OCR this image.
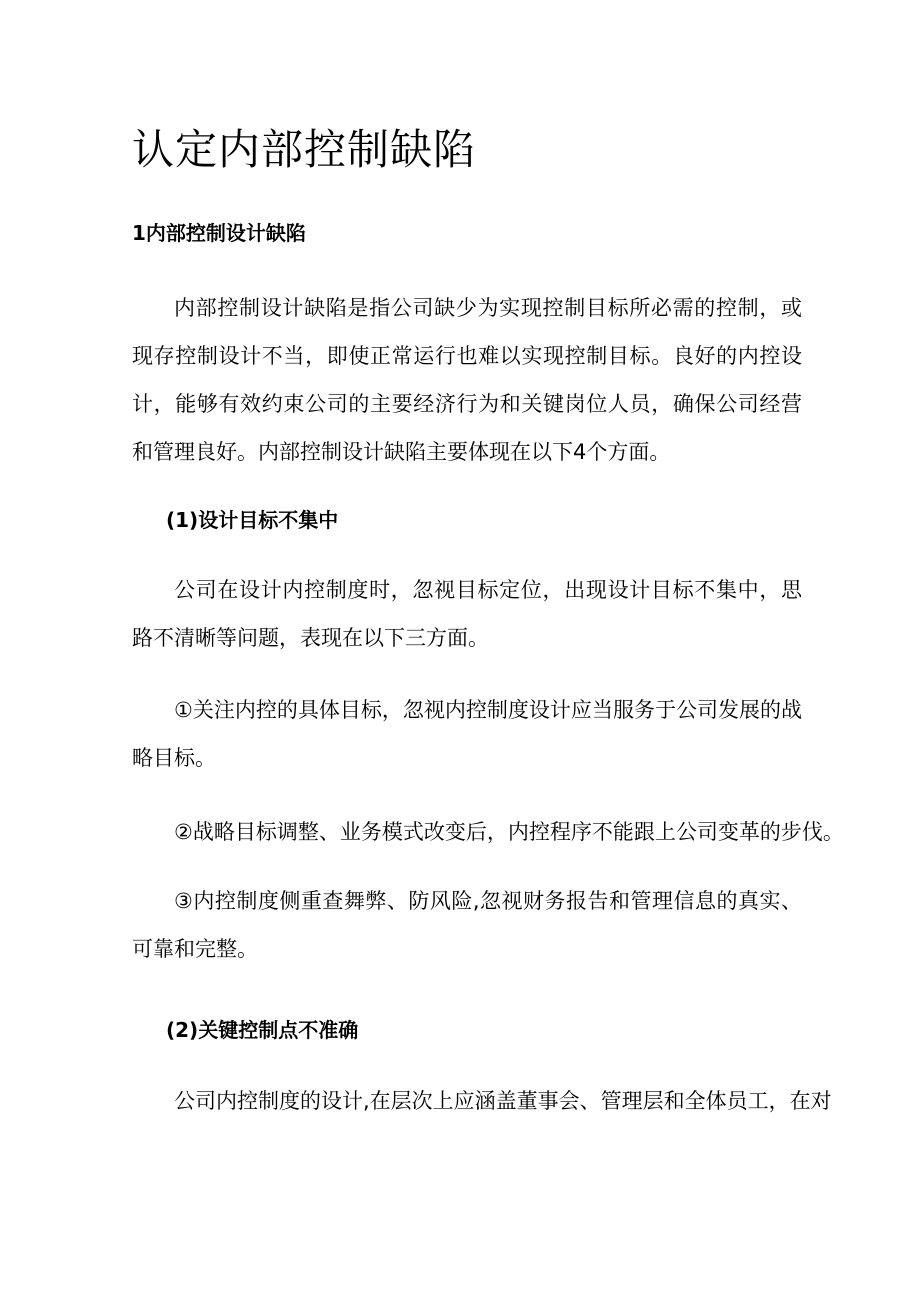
认定内部控制缺陷
1内部控制设计缺陷

内部控制设计缺陷是指公司缺少为实现控制目标所必需的控制，或现存控制设计不当，即使正常运行也难以实现控制目标。良好的内控设计，能够有效约束公司的主要经济行为和关键岗位人员，确保公司经营和管理良好。内部控制设计缺陷主要体现在以下4个方面。

(1)设计目标不集中

公司在设计内控制度时，忽视目标定位，出现设计目标不集中，思路不清晰等问题，表现在以下三方面。

①关注内控的具体目标，忽视内控制度设计应当服务于公司发展的战略目标。

②战略目标调整、业务模式改变后，内控程序不能跟上公司变革的步伐。

③内控制度侧重查舞弊、防风险,忽视财务报告和管理信息的真实、可靠和完整。

(2)关键控制点不准确

公司内控制度的设计,在层次上应涵盖董事会、管理层和全体员工，在对
